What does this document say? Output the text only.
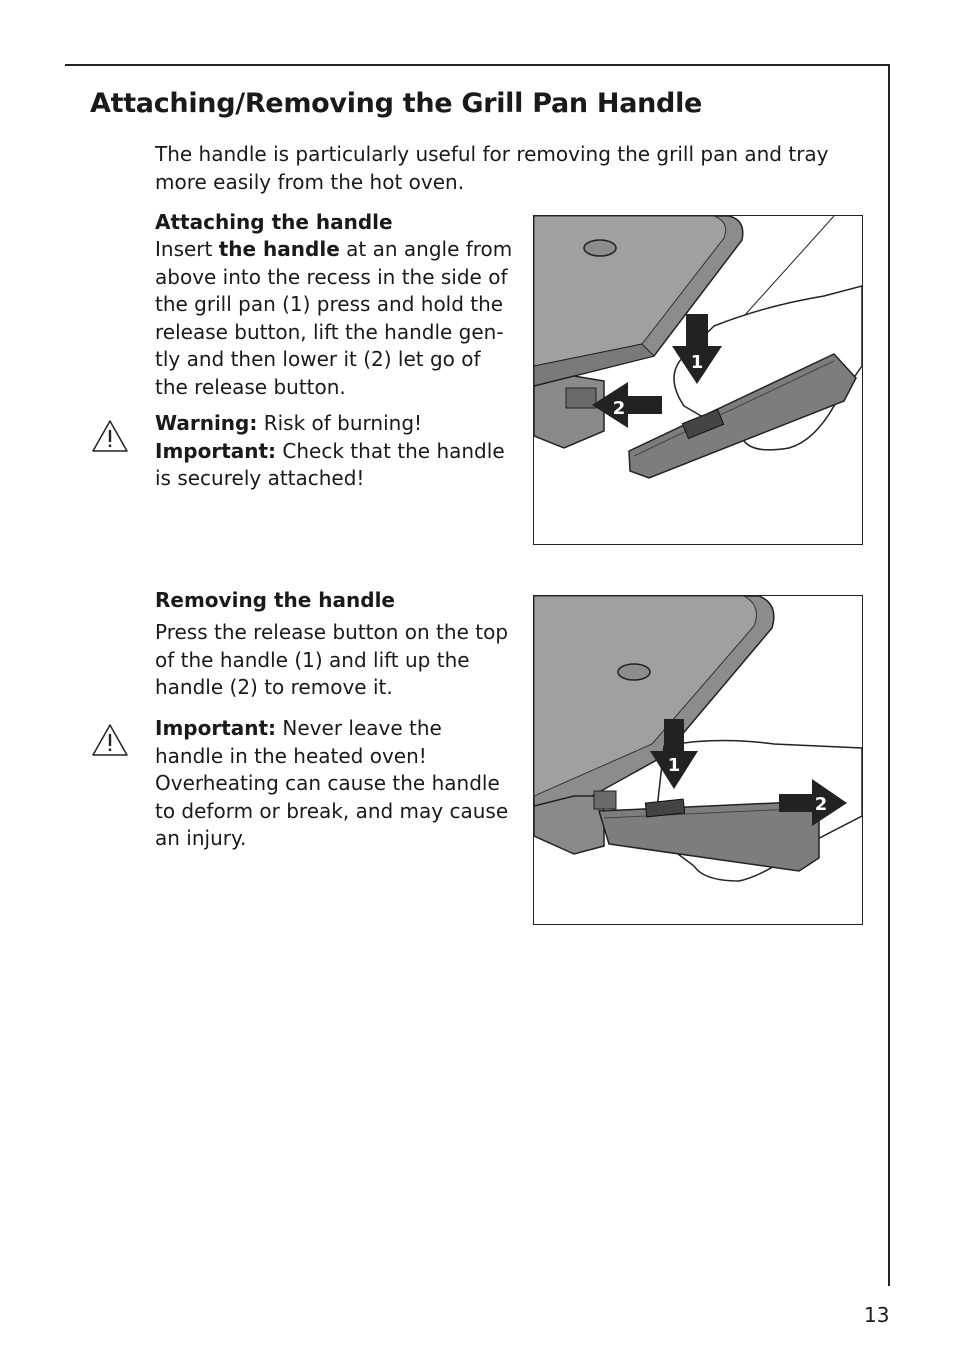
Attaching/Removing the Grill Pan Handle

The handle is particularly useful for removing the grill pan and tray more easily from the hot oven.

Attaching the handle

Insert the handle at an angle from above into the recess in the side of the grill pan (1) press and hold the release button, lift the handle gen-tly and then lower it (2) let go of the release button.

Warning: Risk of burning!
Important: Check that the handle is securely attached!

1
2

Removing the handle

Press the release button on the top of the handle (1) and lift up the handle (2) to remove it.

Important: Never leave the handle in the heated oven! Overheating can cause the handle to deform or break, and may cause an injury.

1
2
13
